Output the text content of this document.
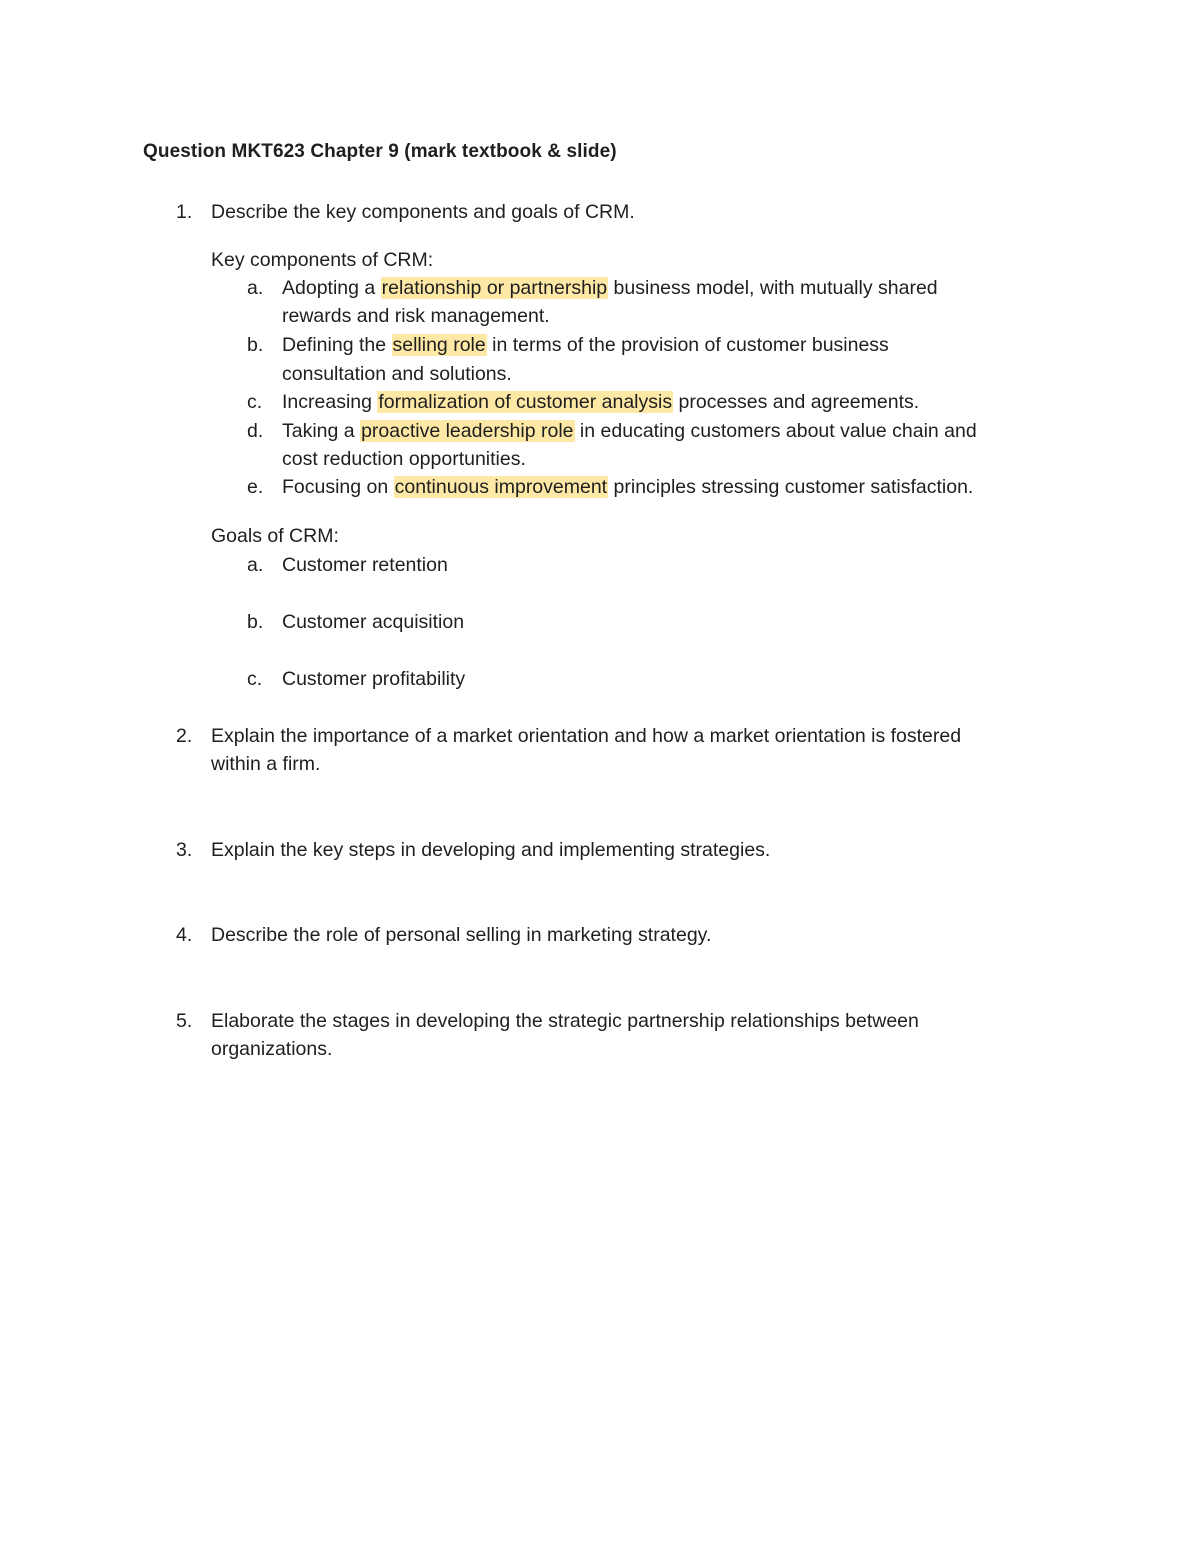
Question MKT623 Chapter 9 (mark textbook & slide)
1. Describe the key components and goals of CRM.
Key components of CRM:
a. Adopting a relationship or partnership business model, with mutually shared
rewards and risk management.
b. Defining the selling role in terms of the provision of customer business
consultation and solutions.
c. Increasing formalization of customer analysis processes and agreements.
d. Taking a proactive leadership role in educating customers about value chain and
cost reduction opportunities.
e. Focusing on continuous improvement principles stressing customer satisfaction.
Goals of CRM:
a. Customer retention
b. Customer acquisition
c. Customer profitability
2. Explain the importance of a market orientation and how a market orientation is fostered
within a firm.
3. Explain the key steps in developing and implementing strategies.
4. Describe the role of personal selling in marketing strategy.
5. Elaborate the stages in developing the strategic partnership relationships between
organizations.
